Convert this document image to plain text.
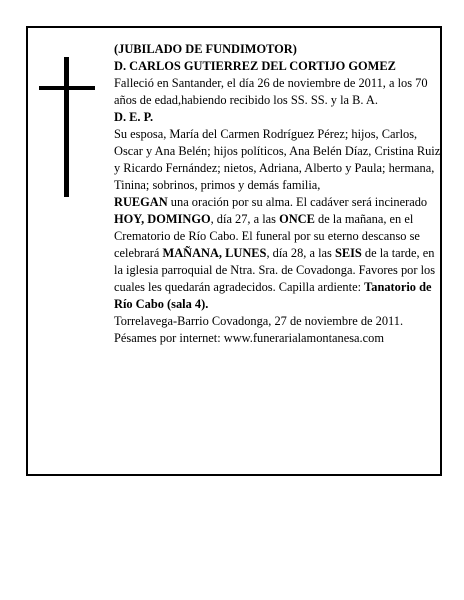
(JUBILADO DE FUNDIMOTOR)

D. CARLOS GUTIERREZ DEL CORTIJO GOMEZ

Falleció en Santander, el día 26 de noviembre de 2011, a los 70 años de edad,habiendo recibido los SS. SS. y la B. A.

D. E. P.

Su esposa, María del Carmen Rodríguez Pérez; hijos, Carlos, Oscar y Ana Belén; hijos políticos, Ana Belén Díaz, Cristina Ruiz y Ricardo Fernández; nietos, Adriana, Alberto y Paula; hermana, Tinina; sobrinos, primos y demás familia,

RUEGAN una oración por su alma. El cadáver será incinerado HOY, DOMINGO, día 27, a las ONCE de la mañana, en el Crematorio de Río Cabo. El funeral por su eterno descanso se celebrará MAÑANA, LUNES, día 28, a las SEIS de la tarde, en la iglesia parroquial de Ntra. Sra. de Covadonga. Favores por los cuales les quedarán agradecidos. Capilla ardiente: Tanatorio de Río Cabo (sala 4).

Torrelavega-Barrio Covadonga, 27 de noviembre de 2011.

Pésames por internet: www.funerarialamontanesa.com
